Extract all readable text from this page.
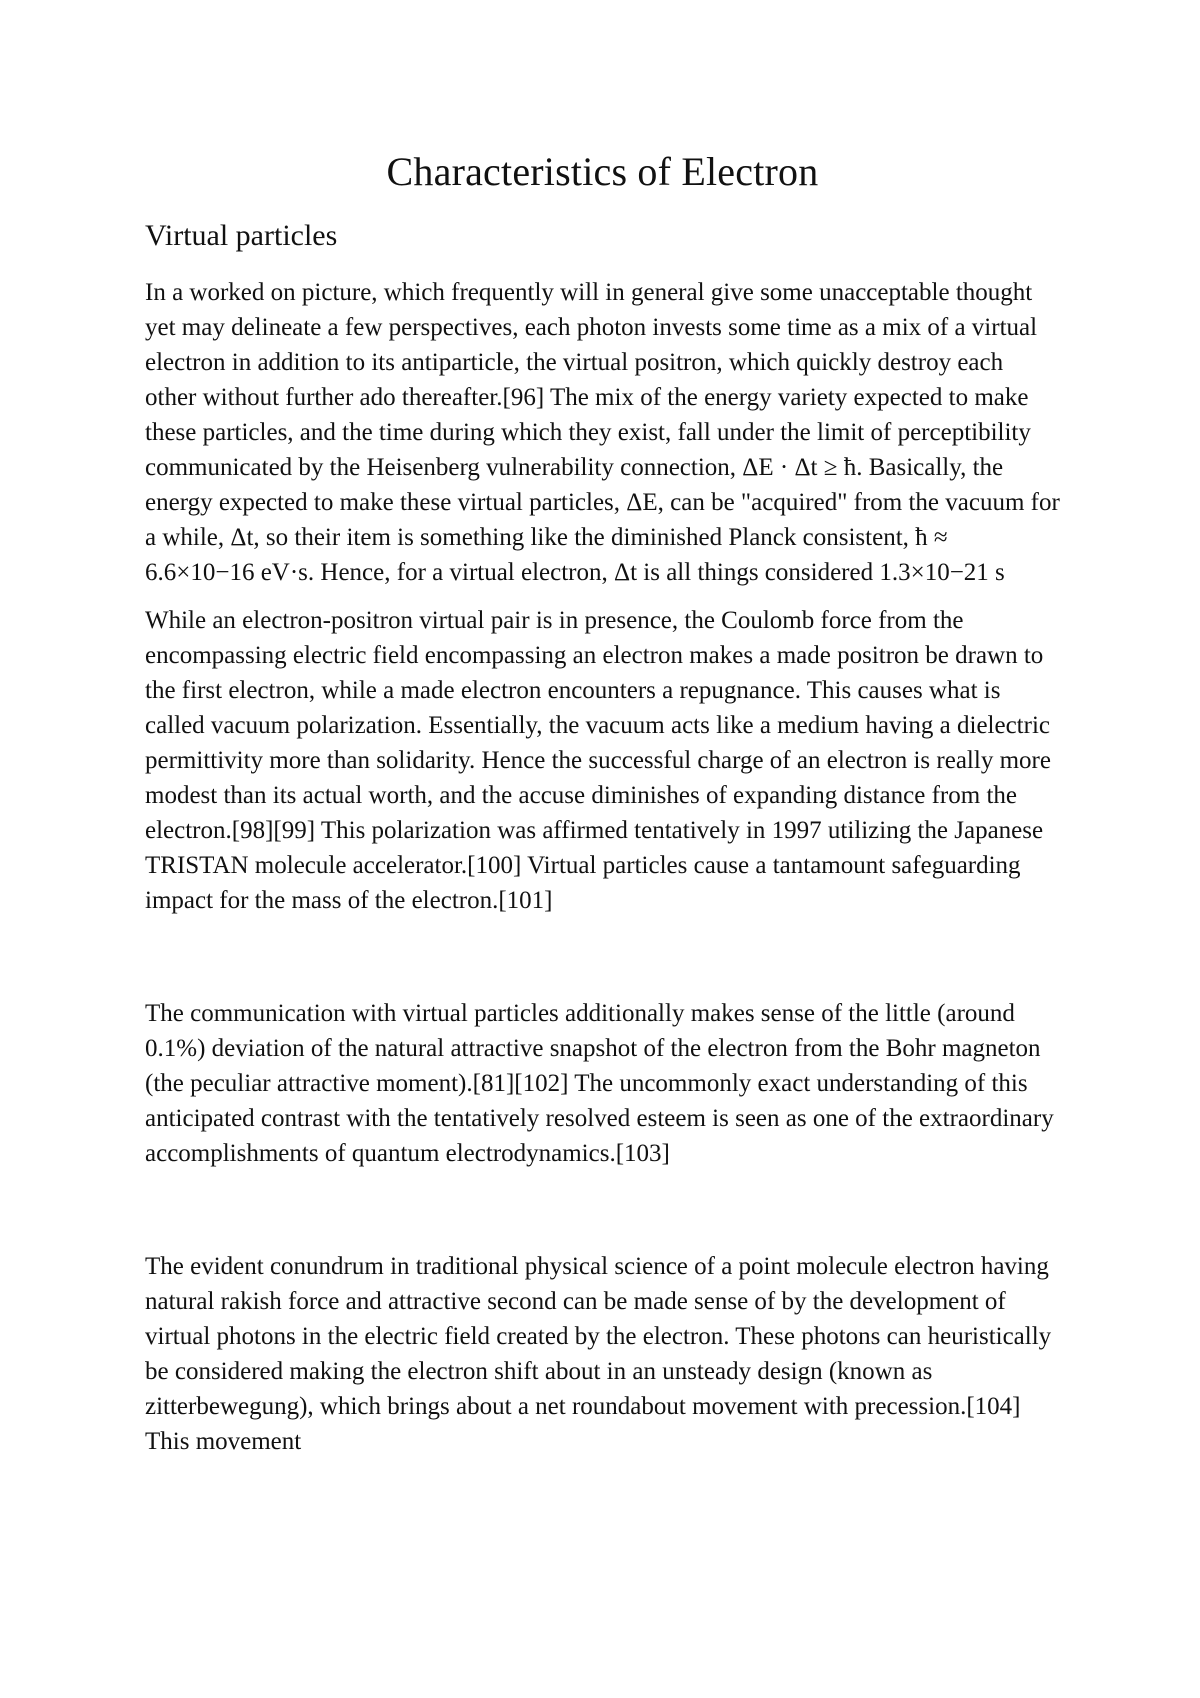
Characteristics of Electron
Virtual particles

In a worked on picture, which frequently will in general give some unacceptable thought yet may delineate a few perspectives, each photon invests some time as a mix of a virtual electron in addition to its antiparticle, the virtual positron, which quickly destroy each other without further ado thereafter.[96] The mix of the energy variety expected to make these particles, and the time during which they exist, fall under the limit of perceptibility communicated by the Heisenberg vulnerability connection, ΔE · Δt ≥ ħ. Basically, the energy expected to make these virtual particles, ΔE, can be "acquired" from the vacuum for a while, Δt, so their item is something like the diminished Planck consistent, ħ ≈ 6.6×10−16 eV·s. Hence, for a virtual electron, Δt is all things considered 1.3×10−21 s

While an electron-positron virtual pair is in presence, the Coulomb force from the encompassing electric field encompassing an electron makes a made positron be drawn to the first electron, while a made electron encounters a repugnance. This causes what is called vacuum polarization. Essentially, the vacuum acts like a medium having a dielectric permittivity more than solidarity. Hence the successful charge of an electron is really more modest than its actual worth, and the accuse diminishes of expanding distance from the electron.[98][99] This polarization was affirmed tentatively in 1997 utilizing the Japanese TRISTAN molecule accelerator.[100] Virtual particles cause a tantamount safeguarding impact for the mass of the electron.[101]

The communication with virtual particles additionally makes sense of the little (around 0.1%) deviation of the natural attractive snapshot of the electron from the Bohr magneton (the peculiar attractive moment).[81][102] The uncommonly exact understanding of this anticipated contrast with the tentatively resolved esteem is seen as one of the extraordinary accomplishments of quantum electrodynamics.[103]

The evident conundrum in traditional physical science of a point molecule electron having natural rakish force and attractive second can be made sense of by the development of virtual photons in the electric field created by the electron. These photons can heuristically be considered making the electron shift about in an unsteady design (known as zitterbewegung), which brings about a net roundabout movement with precession.[104] This movement
